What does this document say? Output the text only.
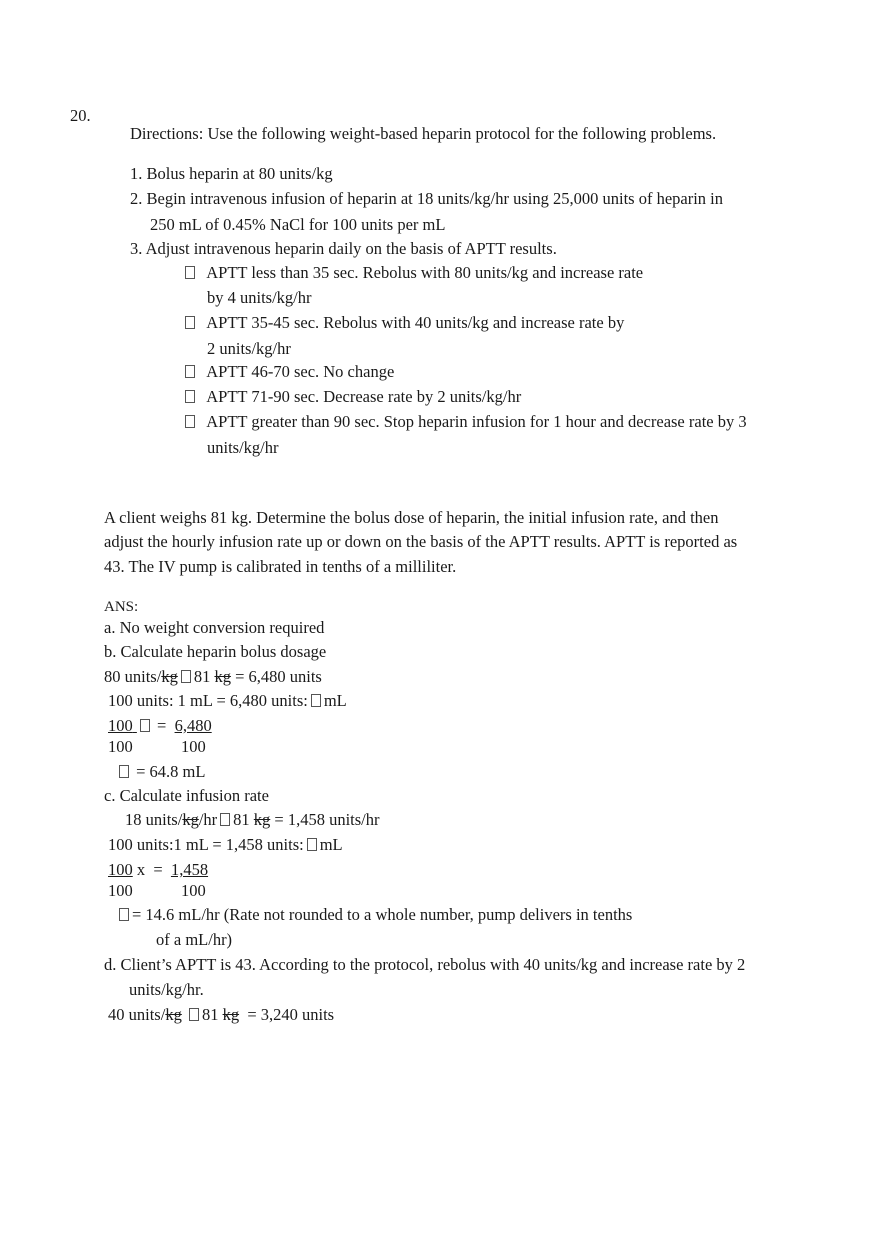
20.
Directions: Use the following weight-based heparin protocol for the following problems.
1. Bolus heparin at 80 units/kg
2. Begin intravenous infusion of heparin at 18 units/kg/hr using 25,000 units of heparin in
250 mL of 0.45% NaCl for 100 units per mL
3. Adjust intravenous heparin daily on the basis of APTT results.
APTT less than 35 sec. Rebolus with 80 units/kg and increase rate
by 4 units/kg/hr
APTT 35-45 sec. Rebolus with 40 units/kg and increase rate by
2 units/kg/hr
APTT 46-70 sec. No change
APTT 71-90 sec. Decrease rate by 2 units/kg/hr
APTT greater than 90 sec. Stop heparin infusion for 1 hour and decrease rate by 3
units/kg/hr
A client weighs 81 kg. Determine the bolus dose of heparin, the initial infusion rate, and then
adjust the hourly infusion rate up or down on the basis of the APTT results. APTT is reported as
43. The IV pump is calibrated in tenths of a milliliter.
ANS:
a. No weight conversion required
b. Calculate heparin bolus dosage
80 units/kg 81 kg = 6,480 units
100 units: 1 mL = 6,480 units: mL
100 = 6,480
100	100
= 64.8 mL
c. Calculate infusion rate
18 units/kg/hr 81 kg = 1,458 units/hr
100 units:1 mL = 1,458 units: mL
100 x = 1,458
100	100
= 14.6 mL/hr (Rate not rounded to a whole number, pump delivers in tenths
of a mL/hr)
d. Client’s APTT is 43. According to the protocol, rebolus with 40 units/kg and increase rate by 2
units/kg/hr.
40 units/kg 81 kg = 3,240 units
